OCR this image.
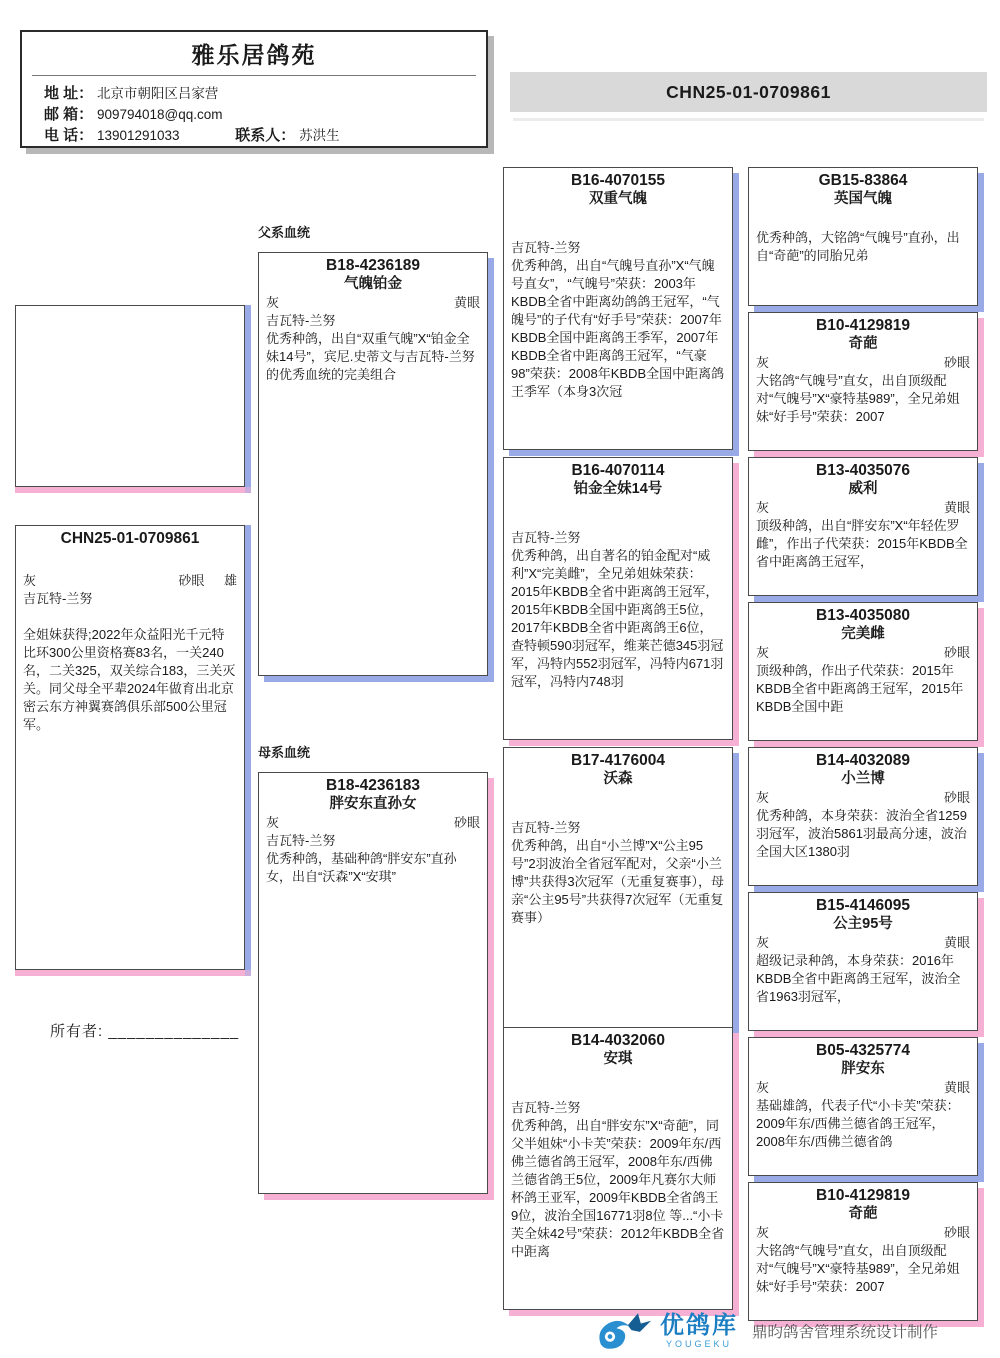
雅乐居鸽苑
地 址： 北京市朝阳区吕家营
邮 箱： 909794018@qq.com
电 话： 13901291033	联系人： 苏洪生
CHN25-01-0709861
CHN25-01-0709861
灰	砂眼 雄
吉瓦特-兰努
全姐妹获得;2022年众益阳光千元特比环300公里资格赛83名，一关240名，二关325，双关综合183，三关灭关。同父母全平辈2024年做育出北京密云东方神翼赛鸽俱乐部500公里冠军。
所有者: ______________
父系血统
母系血统
B18-4236189
气魄铂金
灰	黄眼
吉瓦特-兰努
优秀种鸽，出自“双重气魄”X“铂金全妹14号”，宾尼.史蒂文与吉瓦特-兰努的优秀血统的完美组合
B18-4236183
胖安东直孙女
灰	砂眼
吉瓦特-兰努
优秀种鸽，基础种鸽“胖安东”直孙女，出自“沃森”X“安琪”
B16-4070155
双重气魄
吉瓦特-兰努
优秀种鸽，出自“气魄号直孙”X“气魄号直女”，“气魄号”荣获：2003年KBDB全省中距离幼鸽鸽王冠军，“气魄号”的子代有“好手号”荣获：2007年KBDB全国中距离鸽王季军，2007年KBDB全省中距离鸽王冠军，“气豪98”荣获：2008年KBDB全国中距离鸽王季军（本身3次冠
B16-4070114
铂金全妹14号
吉瓦特-兰努
优秀种鸽，出自著名的铂金配对“威利”X“完美雌”，全兄弟姐妹荣获：2015年KBDB全省中距离鸽王冠军，2015年KBDB全国中距离鸽王5位，2017年KBDB全省中距离鸽王6位，查特顿590羽冠军，维莱芒德345羽冠军，冯特内552羽冠军，冯特内671羽冠军，冯特内748羽
B17-4176004
沃森
吉瓦特-兰努
优秀种鸽，出自“小兰博”X“公主95号”2羽波治全省冠军配对，父亲“小兰博”共获得3次冠军（无重复赛事），母亲“公主95号”共获得7次冠军（无重复赛事）
B14-4032060
安琪
吉瓦特-兰努
优秀种鸽，出自“胖安东”X“奇葩”，同父半姐妹“小卡芙”荣获：2009年东/西佛兰德省鸽王冠军，2008年东/西佛兰德省鸽王5位，2009年凡赛尔大师杯鸽王亚军，2009年KBDB全省鸽王9位，波治全国16771羽8位 等...“小卡芙全妹42号”荣获：2012年KBDB全省中距离
GB15-83864
英国气魄
优秀种鸽，大铭鸽“气魄号”直孙，出自“奇葩”的同胎兄弟
B10-4129819
奇葩
灰	砂眼
大铭鸽“气魄号”直女，出自顶级配对“气魄号”X“豪特基989”，全兄弟姐妹“好手号”荣获：2007
B13-4035076
威利
灰	黄眼
顶级种鸽，出自“胖安东”X“年轻佐罗雌”，作出子代荣获：2015年KBDB全省中距离鸽王冠军，
B13-4035080
完美雌
灰	砂眼
顶级种鸽，作出子代荣获：2015年KBDB全省中距离鸽王冠军，2015年KBDB全国中距
B14-4032089
小兰博
灰	砂眼
优秀种鸽，本身荣获：波治全省1259羽冠军，波治5861羽最高分速，波治全国大区1380羽
B15-4146095
公主95号
灰	黄眼
超级记录种鸽，本身荣获：2016年KBDB全省中距离鸽王冠军，波治全省1963羽冠军，
B05-4325774
胖安东
灰	黄眼
基础雄鸽，代表子代“小卡芙”荣获：2009年东/西佛兰德省鸽王冠军，2008年东/西佛兰德省鸽
B10-4129819
奇葩
灰	砂眼
大铭鸽“气魄号”直女，出自顶级配对“气魄号”X“豪特基989”，全兄弟姐妹“好手号”荣获：2007
优鸽库
YOUGEKU
鼎昀鸽舍管理系统设计制作
